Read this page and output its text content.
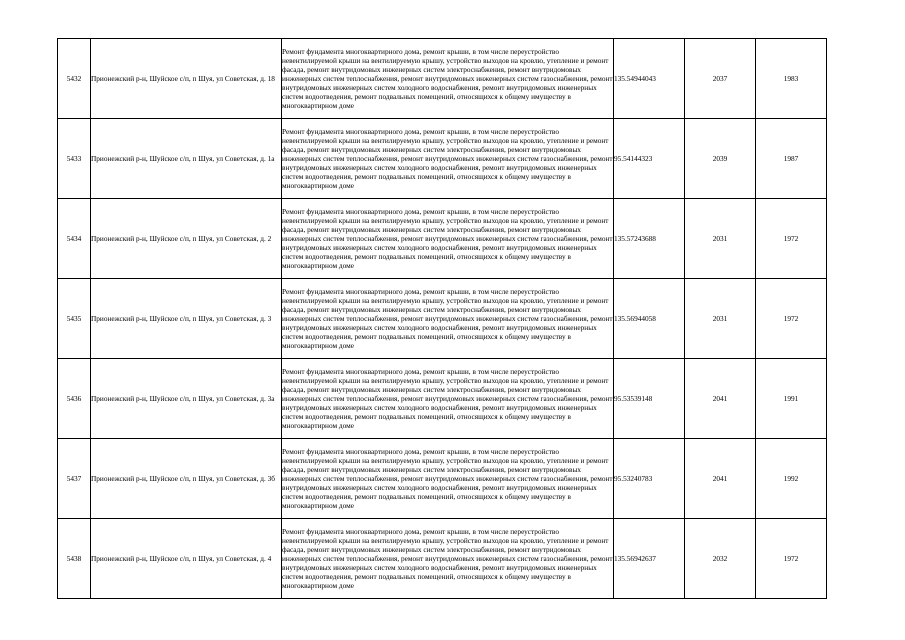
5432	Прионежский р-н, Шуйское с/п, п Шуя, ул Советская, д. 18	Ремонт фундамента многоквартирного дома, ремонт крыши, в том числе переустройство невентилируемой крыши на вентилируемую крышу, устройство выходов на кровлю, утепление и ремонт фасада, ремонт внутридомовых инженерных систем электроснабжения, ремонт внутридомовых инженерных систем теплоснабжения, ремонт внутридомовых инженерных систем газоснабжения, ремонт внутридомовых инженерных систем холодного водоснабжения, ремонт внутридомовых инженерных систем водоотведения, ремонт подвальных помещений, относящихся к общему имуществу в многоквартирном доме	135.54944043	2037	1983
5433	Прионежский р-н, Шуйское с/п, п Шуя, ул Советская, д. 1а	Ремонт фундамента многоквартирного дома, ремонт крыши, в том числе переустройство невентилируемой крыши на вентилируемую крышу, устройство выходов на кровлю, утепление и ремонт фасада, ремонт внутридомовых инженерных систем электроснабжения, ремонт внутридомовых инженерных систем теплоснабжения, ремонт внутридомовых инженерных систем газоснабжения, ремонт внутридомовых инженерных систем холодного водоснабжения, ремонт внутридомовых инженерных систем водоотведения, ремонт подвальных помещений, относящихся к общему имуществу в многоквартирном доме	95.54144323	2039	1987
5434	Прионежский р-н, Шуйское с/п, п Шуя, ул Советская, д. 2	Ремонт фундамента многоквартирного дома, ремонт крыши, в том числе переустройство невентилируемой крыши на вентилируемую крышу, устройство выходов на кровлю, утепление и ремонт фасада, ремонт внутридомовых инженерных систем электроснабжения, ремонт внутридомовых инженерных систем теплоснабжения, ремонт внутридомовых инженерных систем газоснабжения, ремонт внутридомовых инженерных систем холодного водоснабжения, ремонт внутридомовых инженерных систем водоотведения, ремонт подвальных помещений, относящихся к общему имуществу в многоквартирном доме	135.57243688	2031	1972
5435	Прионежский р-н, Шуйское с/п, п Шуя, ул Советская, д. 3	Ремонт фундамента многоквартирного дома, ремонт крыши, в том числе переустройство невентилируемой крыши на вентилируемую крышу, устройство выходов на кровлю, утепление и ремонт фасада, ремонт внутридомовых инженерных систем электроснабжения, ремонт внутридомовых инженерных систем теплоснабжения, ремонт внутридомовых инженерных систем газоснабжения, ремонт внутридомовых инженерных систем холодного водоснабжения, ремонт внутридомовых инженерных систем водоотведения, ремонт подвальных помещений, относящихся к общему имуществу в многоквартирном доме	135.56944058	2031	1972
5436	Прионежский р-н, Шуйское с/п, п Шуя, ул Советская, д. 3а	Ремонт фундамента многоквартирного дома, ремонт крыши, в том числе переустройство невентилируемой крыши на вентилируемую крышу, устройство выходов на кровлю, утепление и ремонт фасада, ремонт внутридомовых инженерных систем электроснабжения, ремонт внутридомовых инженерных систем теплоснабжения, ремонт внутридомовых инженерных систем газоснабжения, ремонт внутридомовых инженерных систем холодного водоснабжения, ремонт внутридомовых инженерных систем водоотведения, ремонт подвальных помещений, относящихся к общему имуществу в многоквартирном доме	95.53539148	2041	1991
5437	Прионежский р-н, Шуйское с/п, п Шуя, ул Советская, д. 3б	Ремонт фундамента многоквартирного дома, ремонт крыши, в том числе переустройство невентилируемой крыши на вентилируемую крышу, устройство выходов на кровлю, утепление и ремонт фасада, ремонт внутридомовых инженерных систем электроснабжения, ремонт внутридомовых инженерных систем теплоснабжения, ремонт внутридомовых инженерных систем газоснабжения, ремонт внутридомовых инженерных систем холодного водоснабжения, ремонт внутридомовых инженерных систем водоотведения, ремонт подвальных помещений, относящихся к общему имуществу в многоквартирном доме	95.53240783	2041	1992
5438	Прионежский р-н, Шуйское с/п, п Шуя, ул Советская, д. 4	Ремонт фундамента многоквартирного дома, ремонт крыши, в том числе переустройство невентилируемой крыши на вентилируемую крышу, устройство выходов на кровлю, утепление и ремонт фасада, ремонт внутридомовых инженерных систем электроснабжения, ремонт внутридомовых инженерных систем теплоснабжения, ремонт внутридомовых инженерных систем газоснабжения, ремонт внутридомовых инженерных систем холодного водоснабжения, ремонт внутридомовых инженерных систем водоотведения, ремонт подвальных помещений, относящихся к общему имуществу в многоквартирном доме	135.56942637	2032	1972
